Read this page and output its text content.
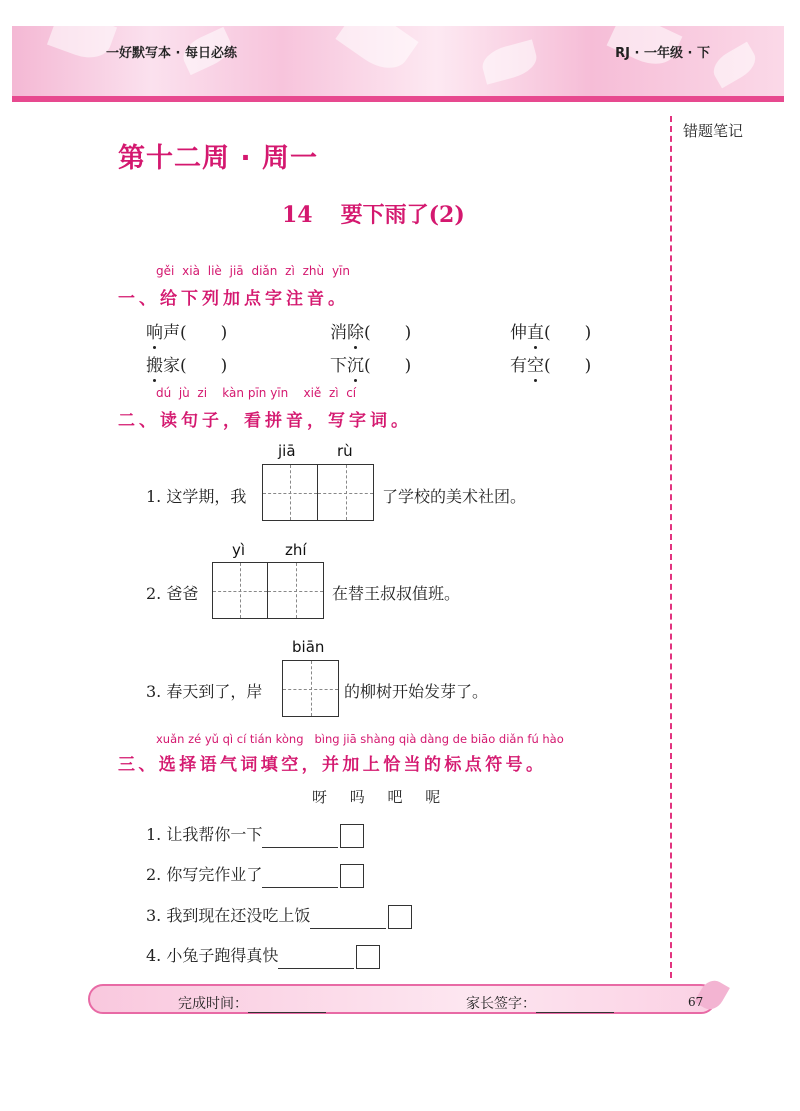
一好默写本 · 每日必练	RJ · 一年级 · 下
错题笔记
第十二周 · 周一
14 要下雨了(2)
gěi xià liè jiā diǎn zì zhù yīn
一、给下列加点字注音。
响声(　　)	消除(　　)	伸直(　　)
搬家(　　)	下沉(　　)	有空(　　)
dú  jù  zi    kàn pīn yīn    xiě  zì  cí
二、读句子，看拼音，写字词。
jiā	rù
1. 这学期，我	了学校的美术社团。
yì	zhí
2. 爸爸	在替王叔叔值班。
biān
3. 春天到了，岸	的柳树开始发芽了。
xuǎn zé yǔ qì cí tián kòng   bìng jiā shàng qià dàng de biāo diǎn fú hào
三、选择语气词填空，并加上恰当的标点符号。
呀 吗 吧 呢
1. 让我帮你一下
2. 你写完作业了
3. 我到现在还没吃上饭
4. 小兔子跑得真快
完成时间：	家长签字：	67
